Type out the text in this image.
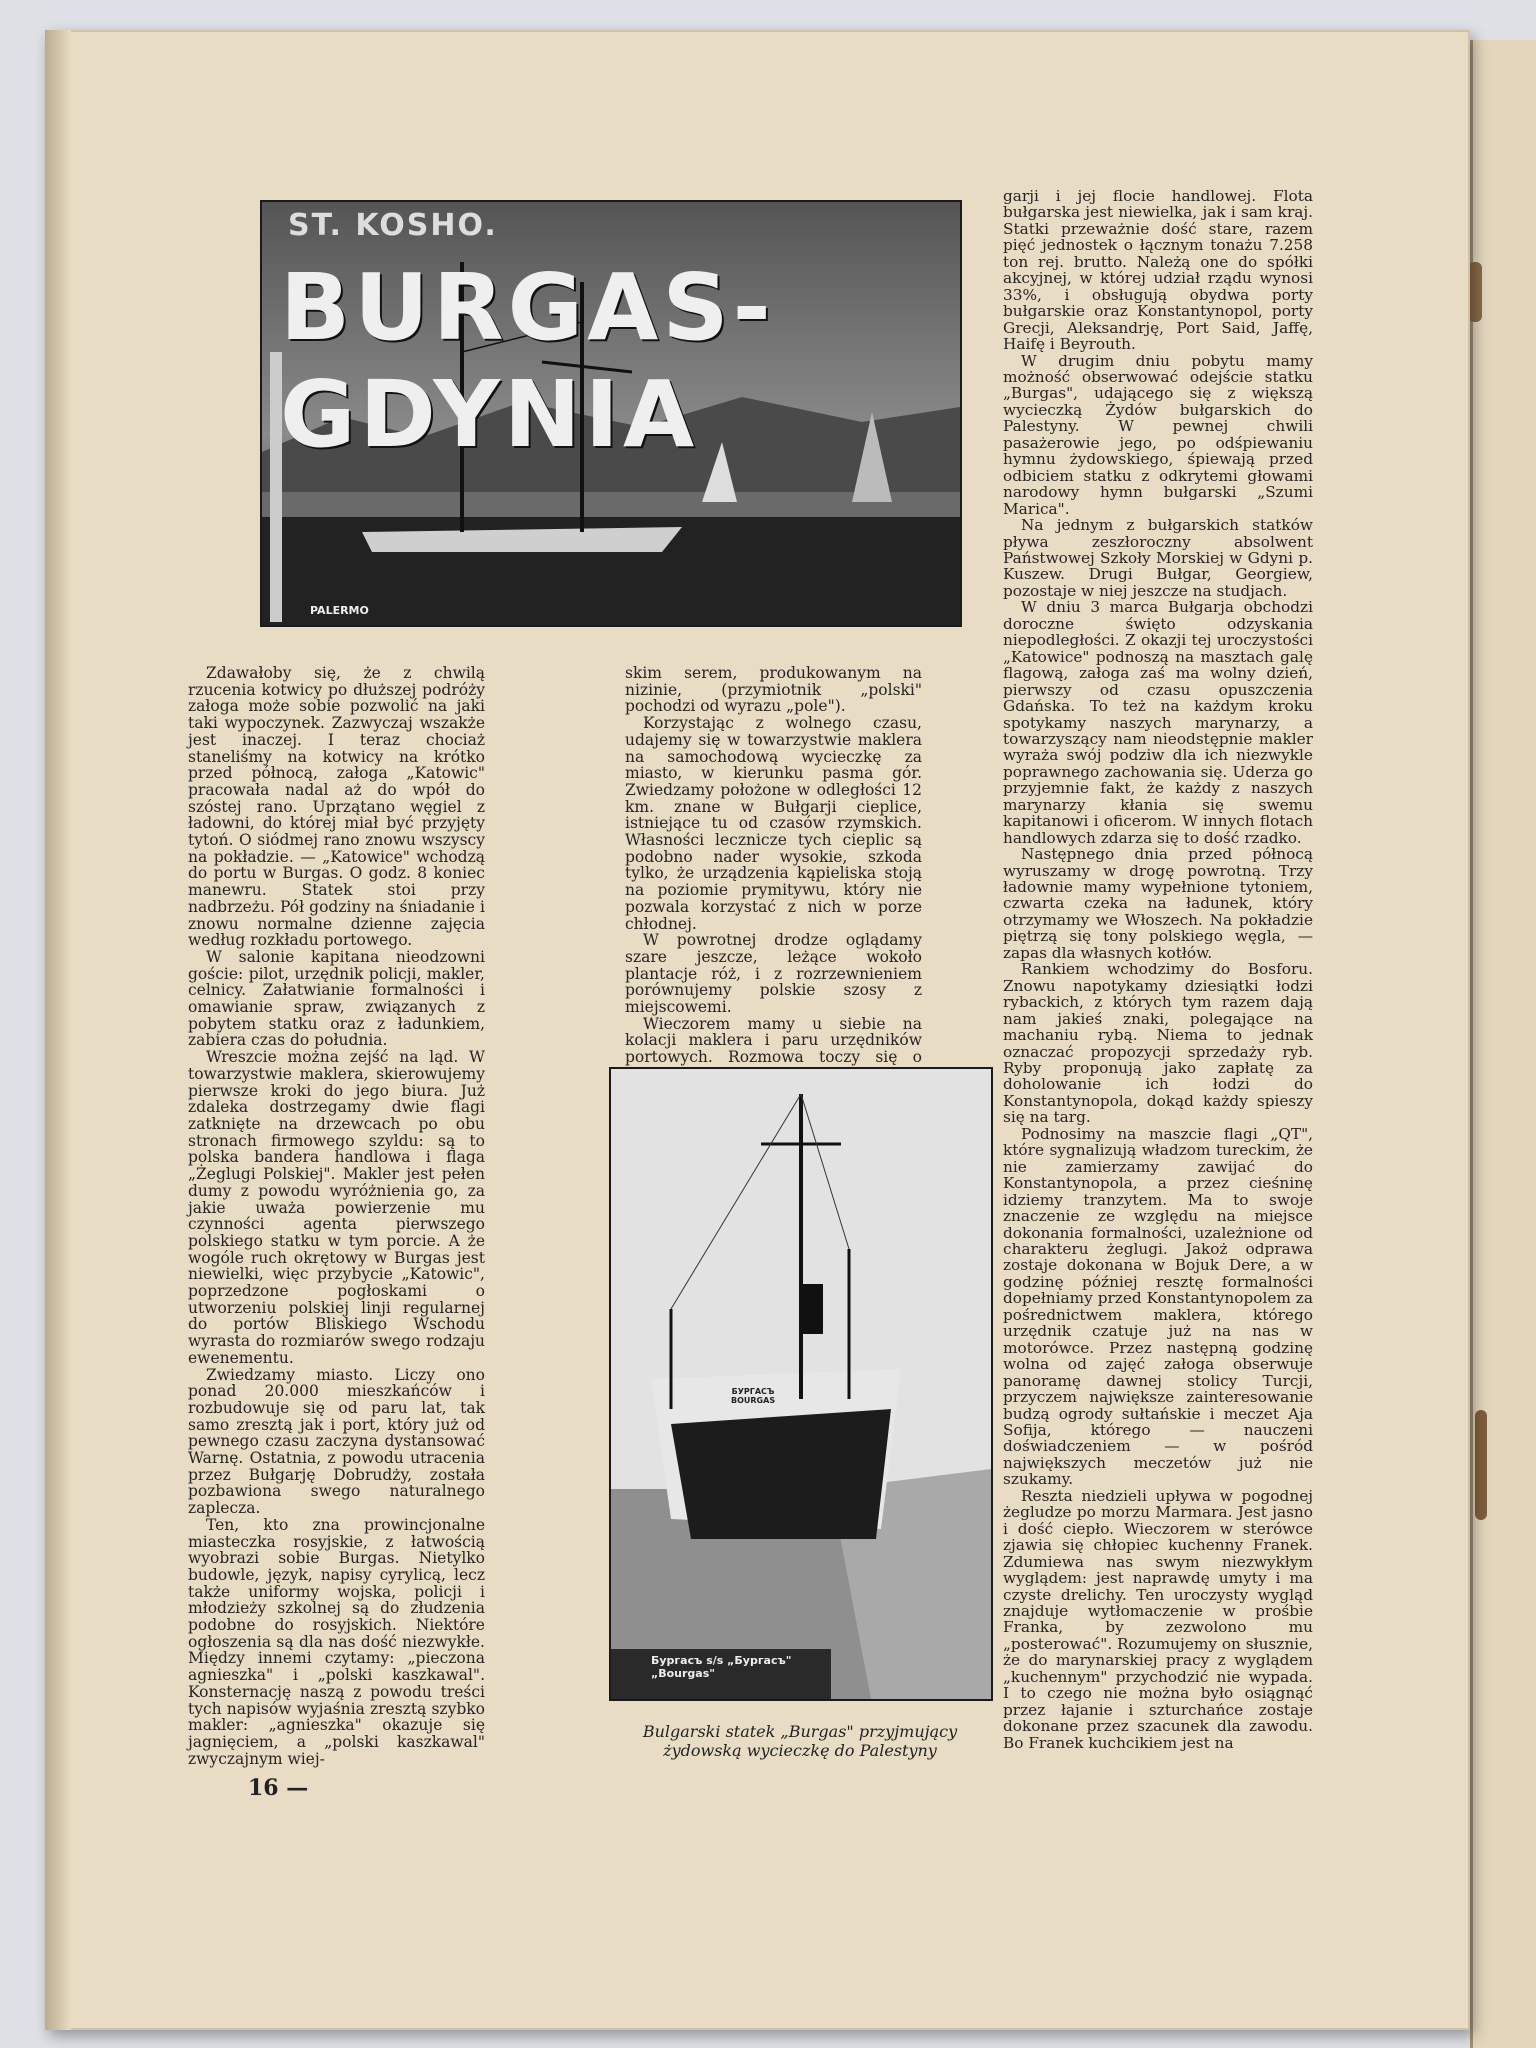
ST. KOSHO.
BURGAS-GDYNIA
PALERMO

Zdawałoby się, że z chwilą rzucenia kotwicy po dłuższej podróży załoga może sobie pozwolić na jaki taki wypoczynek. Zazwyczaj wszakże jest inaczej. I teraz chociaż staneliśmy na kotwicy na krótko przed północą, załoga „Katowic" pracowała nadal aż do wpół do szóstej rano. Uprzątano węgiel z ładowni, do której miał być przyjęty tytoń. O siódmej rano znowu wszyscy na pokładzie. — „Katowice" wchodzą do portu w Burgas. O godz. 8 koniec manewru. Statek stoi przy nadbrzeżu. Pół godziny na śniadanie i znowu normalne dzienne zajęcia według rozkładu portowego.

W salonie kapitana nieodzowni goście: pilot, urzędnik policji, makler, celnicy. Załatwianie formalności i omawianie spraw, związanych z pobytem statku oraz z ładunkiem, zabiera czas do południa.

Wreszcie można zejść na ląd. W towarzystwie maklera, skierowujemy pierwsze kroki do jego biura. Już zdaleka dostrzegamy dwie flagi zatknięte na drzewcach po obu stronach firmowego szyldu: są to polska bandera handlowa i flaga „Żeglugi Polskiej". Makler jest pełen dumy z powodu wyróżnienia go, za jakie uważa powierzenie mu czynności agenta pierwszego polskiego statku w tym porcie. A że wogóle ruch okrętowy w Burgas jest niewielki, więc przybycie „Katowic", poprzedzone pogłoskami o utworzeniu polskiej linji regularnej do portów Bliskiego Wschodu wyrasta do rozmiarów swego rodzaju ewenementu.

Zwiedzamy miasto. Liczy ono ponad 20.000 mieszkańców i rozbudowuje się od paru lat, tak samo zresztą jak i port, który już od pewnego czasu zaczyna dystansować Warnę. Ostatnia, z powodu utracenia przez Bułgarję Dobrudży, została pozbawiona swego naturalnego zaplecza.

Ten, kto zna prowincjonalne miasteczka rosyjskie, z łatwością wyobrazi sobie Burgas. Nietylko budowle, język, napisy cyrylicą, lecz także uniformy wojska, policji i młodzieży szkolnej są do złudzenia podobne do rosyjskich. Niektóre ogłoszenia są dla nas dość niezwykłe. Między innemi czytamy: „pieczona agnieszka" i „polski kaszkawal". Konsternację naszą z powodu treści tych napisów wyjaśnia zresztą szybko makler: „agnieszka" okazuje się jagnięciem, a „polski kaszkawal" zwyczajnym wiej-

skim serem, produkowanym na nizinie, (przymiotnik „polski" pochodzi od wyrazu „pole").

Korzystając z wolnego czasu, udajemy się w towarzystwie maklera na samochodową wycieczkę za miasto, w kierunku pasma gór. Zwiedzamy położone w odległości 12 km. znane w Bułgarji cieplice, istniejące tu od czasów rzymskich. Własności lecznicze tych cieplic są podobno nader wysokie, szkoda tylko, że urządzenia kąpieliska stoją na poziomie prymitywu, który nie pozwala korzystać z nich w porze chłodnej.

W powrotnej drodze oglądamy szare jeszcze, leżące wokoło plantacje róż, i z rozrzewnieniem porównujemy polskie szosy z miejscowemi.

Wieczorem mamy u siebie na kolacji maklera i paru urzędników portowych. Rozmowa toczy się o

БУРГАСЪ
BOURGAS
Бургасъ s/s „Бургасъ"
„Bourgas"
Bulgarski statek „Burgas" przyjmujący
żydowską wycieczkę do Palestyny

garji i jej flocie handlowej. Flota bułgarska jest niewielka, jak i sam kraj. Statki przeważnie dość stare, razem pięć jednostek o łącznym tonażu 7.258 ton rej. brutto. Należą one do spółki akcyjnej, w której udział rządu wynosi 33%, i obsługują obydwa porty bułgarskie oraz Konstantynopol, porty Grecji, Aleksandrję, Port Said, Jaffę, Haifę i Beyrouth.

W drugim dniu pobytu mamy możność obserwować odejście statku „Burgas", udającego się z większą wycieczką Żydów bułgarskich do Palestyny. W pewnej chwili pasażerowie jego, po odśpiewaniu hymnu żydowskiego, śpiewają przed odbiciem statku z odkrytemi głowami narodowy hymn bułgarski „Szumi Marica".

Na jednym z bułgarskich statków pływa zeszłoroczny absolwent Państwowej Szkoły Morskiej w Gdyni p. Kuszew. Drugi Bułgar, Georgiew, pozostaje w niej jeszcze na studjach.

W dniu 3 marca Bułgarja obchodzi doroczne święto odzyskania niepodległości. Z okazji tej uroczystości „Katowice" podnoszą na masztach galę flagową, załoga zaś ma wolny dzień, pierwszy od czasu opuszczenia Gdańska. To też na każdym kroku spotykamy naszych marynarzy, a towarzyszący nam nieodstępnie makler wyraża swój podziw dla ich niezwykle poprawnego zachowania się. Uderza go przyjemnie fakt, że każdy z naszych marynarzy kłania się swemu kapitanowi i oficerom. W innych flotach handlowych zdarza się to dość rzadko.

Następnego dnia przed północą wyruszamy w drogę powrotną. Trzy ładownie mamy wypełnione tytoniem, czwarta czeka na ładunek, który otrzymamy we Włoszech. Na pokładzie piętrzą się tony polskiego węgla, — zapas dla własnych kotłów.

Rankiem wchodzimy do Bosforu. Znowu napotykamy dziesiątki łodzi rybackich, z których tym razem dają nam jakieś znaki, polegające na machaniu rybą. Niema to jednak oznaczać propozycji sprzedaży ryb. Ryby proponują jako zapłatę za doholowanie ich łodzi do Konstantynopola, dokąd każdy spieszy się na targ.

Podnosimy na maszcie flagi „QT", które sygnalizują władzom tureckim, że nie zamierzamy zawijać do Konstantynopola, a przez cieśninę idziemy tranzytem. Ma to swoje znaczenie ze względu na miejsce dokonania formalności, uzależnione od charakteru żeglugi. Jakoż odprawa zostaje dokonana w Bojuk Dere, a w godzinę później resztę formalności dopełniamy przed Konstantynopolem za pośrednictwem maklera, którego urzędnik czatuje już na nas w motorówce. Przez następną godzinę wolna od zajęć załoga obserwuje panoramę dawnej stolicy Turcji, przyczem największe zainteresowanie budzą ogrody sułtańskie i meczet Aja Sofija, którego — nauczeni doświadczeniem — w pośród największych meczetów już nie szukamy.

Reszta niedzieli upływa w pogodnej żegludze po morzu Marmara. Jest jasno i dość ciepło. Wieczorem w sterówce zjawia się chłopiec kuchenny Franek. Zdumiewa nas swym niezwykłym wyglądem: jest naprawdę umyty i ma czyste drelichy. Ten uroczysty wygląd znajduje wytłomaczenie w prośbie Franka, by zezwolono mu „posterować". Rozumujemy on słusznie, że do marynarskiej pracy z wyglądem „kuchennym" przychodzić nie wypada. I to czego nie można było osiągnąć przez łajanie i szturchańce zostaje dokonane przez szacunek dla zawodu. Bo Franek kuchcikiem jest na

16 —
